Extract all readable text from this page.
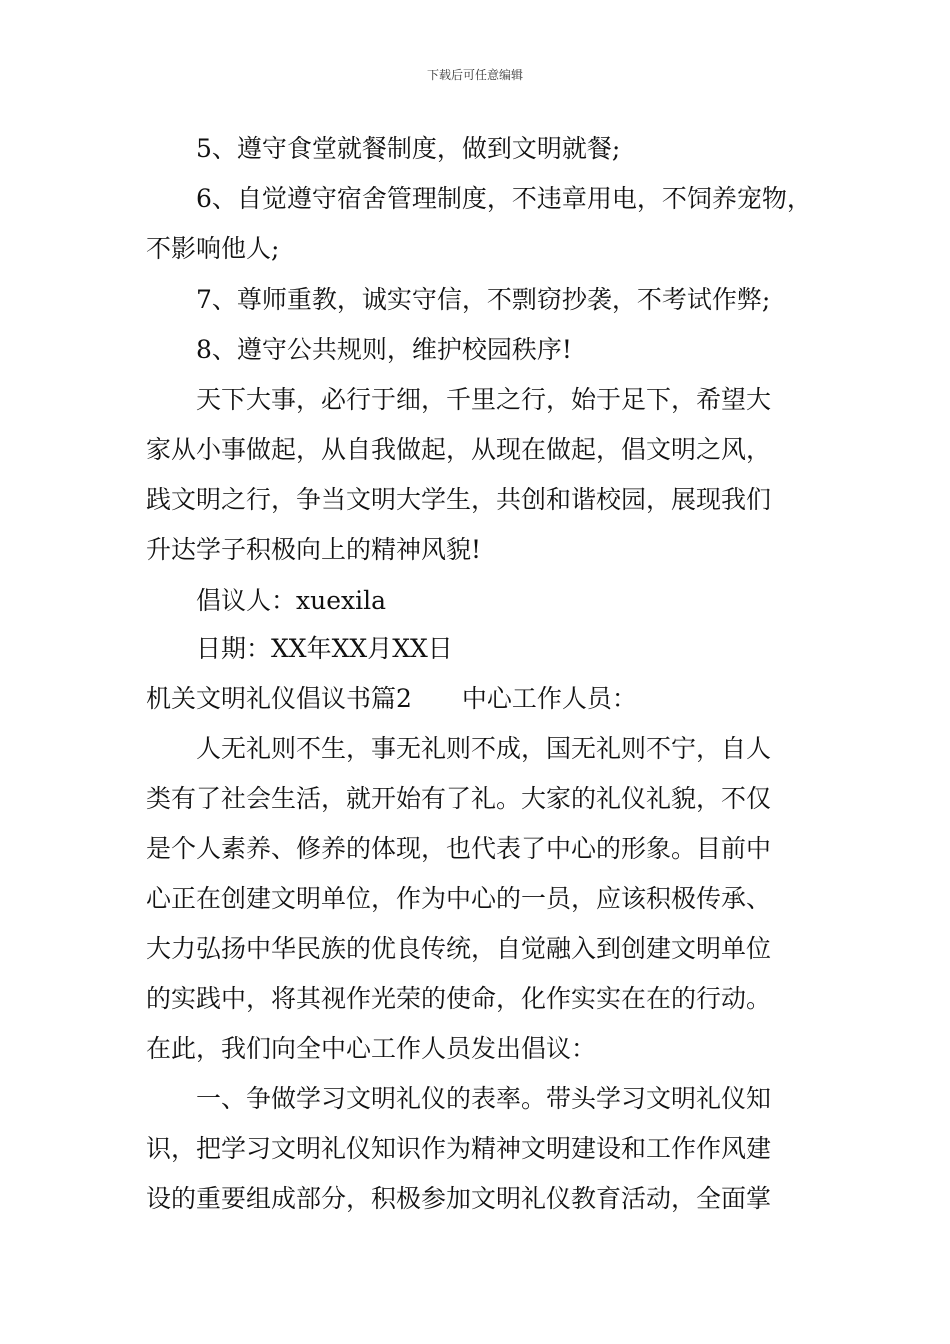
下载后可任意编辑
5、遵守食堂就餐制度，做到文明就餐;
6、自觉遵守宿舍管理制度，不违章用电，不饲养宠物，
不影响他人;
7、尊师重教，诚实守信，不剽窃抄袭，不考试作弊;
8、遵守公共规则，维护校园秩序!
天下大事，必行于细，千里之行，始于足下，希望大
家从小事做起，从自我做起，从现在做起，倡文明之风，
践文明之行，争当文明大学生，共创和谐校园，展现我们
升达学子积极向上的精神风貌!
倡议人：xuexila
日期：XX年XX月XX日
机关文明礼仪倡议书篇2　　中心工作人员：
人无礼则不生，事无礼则不成，国无礼则不宁，自人
类有了社会生活，就开始有了礼。大家的礼仪礼貌，不仅
是个人素养、修养的体现，也代表了中心的形象。目前中
心正在创建文明单位，作为中心的一员，应该积极传承、
大力弘扬中华民族的优良传统，自觉融入到创建文明单位
的实践中，将其视作光荣的使命，化作实实在在的行动。
在此，我们向全中心工作人员发出倡议：
一、争做学习文明礼仪的表率。带头学习文明礼仪知
识，把学习文明礼仪知识作为精神文明建设和工作作风建
设的重要组成部分，积极参加文明礼仪教育活动，全面掌
